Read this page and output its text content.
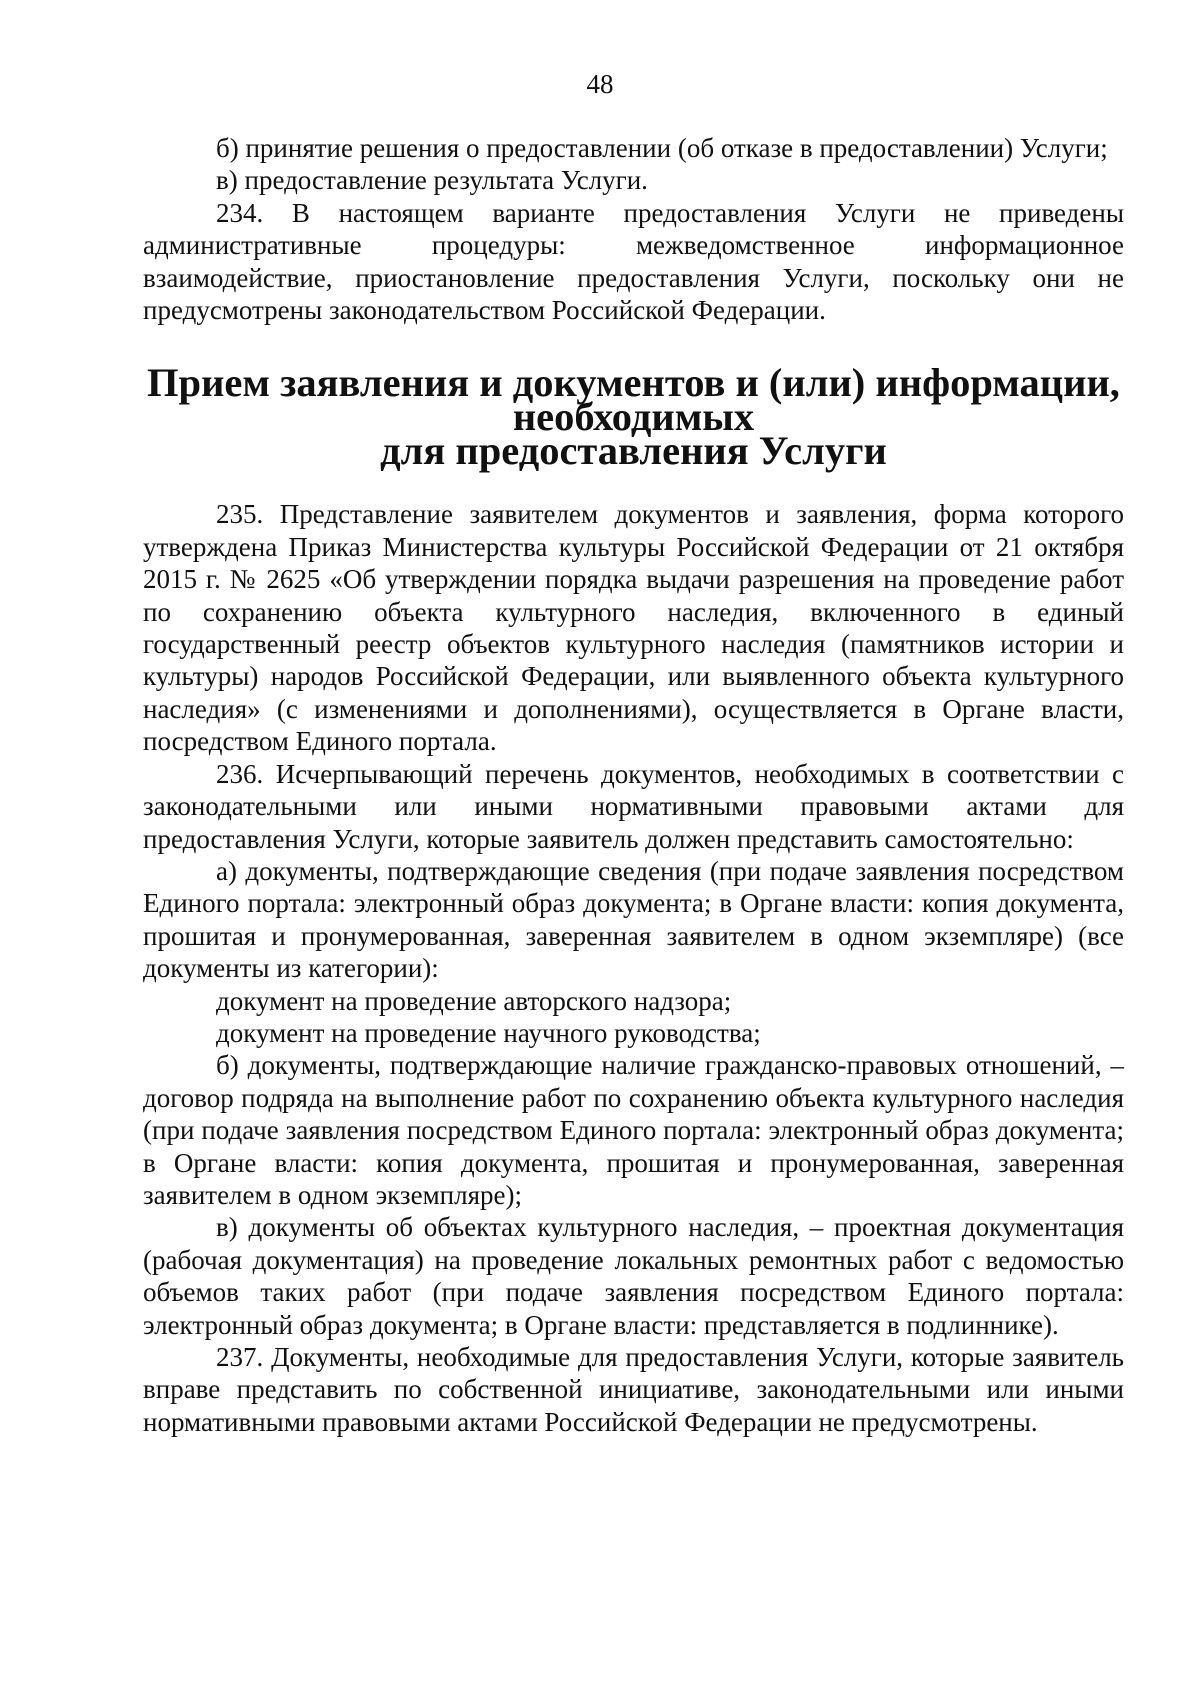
48

б) принятие решения о предоставлении (об отказе в предоставлении) Услуги;

в) предоставление результата Услуги.

234. В настоящем варианте предоставления Услуги не приведены административные процедуры: межведомственное информационное взаимодействие, приостановление предоставления Услуги, поскольку они не предусмотрены законодательством Российской Федерации.

Прием заявления и документов и (или) информации, необходимых
для предоставления Услуги

235. Представление заявителем документов и заявления, форма которого утверждена Приказ Министерства культуры Российской Федерации от 21 октября 2015 г. № 2625 «Об утверждении порядка выдачи разрешения на проведение работ по сохранению объекта культурного наследия, включенного в единый государственный реестр объектов культурного наследия (памятников истории и культуры) народов Российской Федерации, или выявленного объекта культурного наследия» (с изменениями и дополнениями), осуществляется в Органе власти, посредством Единого портала.

236. Исчерпывающий перечень документов, необходимых в соответствии с законодательными или иными нормативными правовыми актами для предоставления Услуги, которые заявитель должен представить самостоятельно:

а) документы, подтверждающие сведения (при подаче заявления посредством Единого портала: электронный образ документа; в Органе власти: копия документа, прошитая и пронумерованная, заверенная заявителем в одном экземпляре) (все документы из категории):

документ на проведение авторского надзора;

документ на проведение научного руководства;

б) документы, подтверждающие наличие гражданско-правовых отношений, – договор подряда на выполнение работ по сохранению объекта культурного наследия (при подаче заявления посредством Единого портала: электронный образ документа; в Органе власти: копия документа, прошитая и пронумерованная, заверенная заявителем в одном экземпляре);

в) документы об объектах культурного наследия, – проектная документация (рабочая документация) на проведение локальных ремонтных работ с ведомостью объемов таких работ (при подаче заявления посредством Единого портала: электронный образ документа; в Органе власти: представляется в подлиннике).

237. Документы, необходимые для предоставления Услуги, которые заявитель вправе представить по собственной инициативе, законодательными или иными нормативными правовыми актами Российской Федерации не предусмотрены.
